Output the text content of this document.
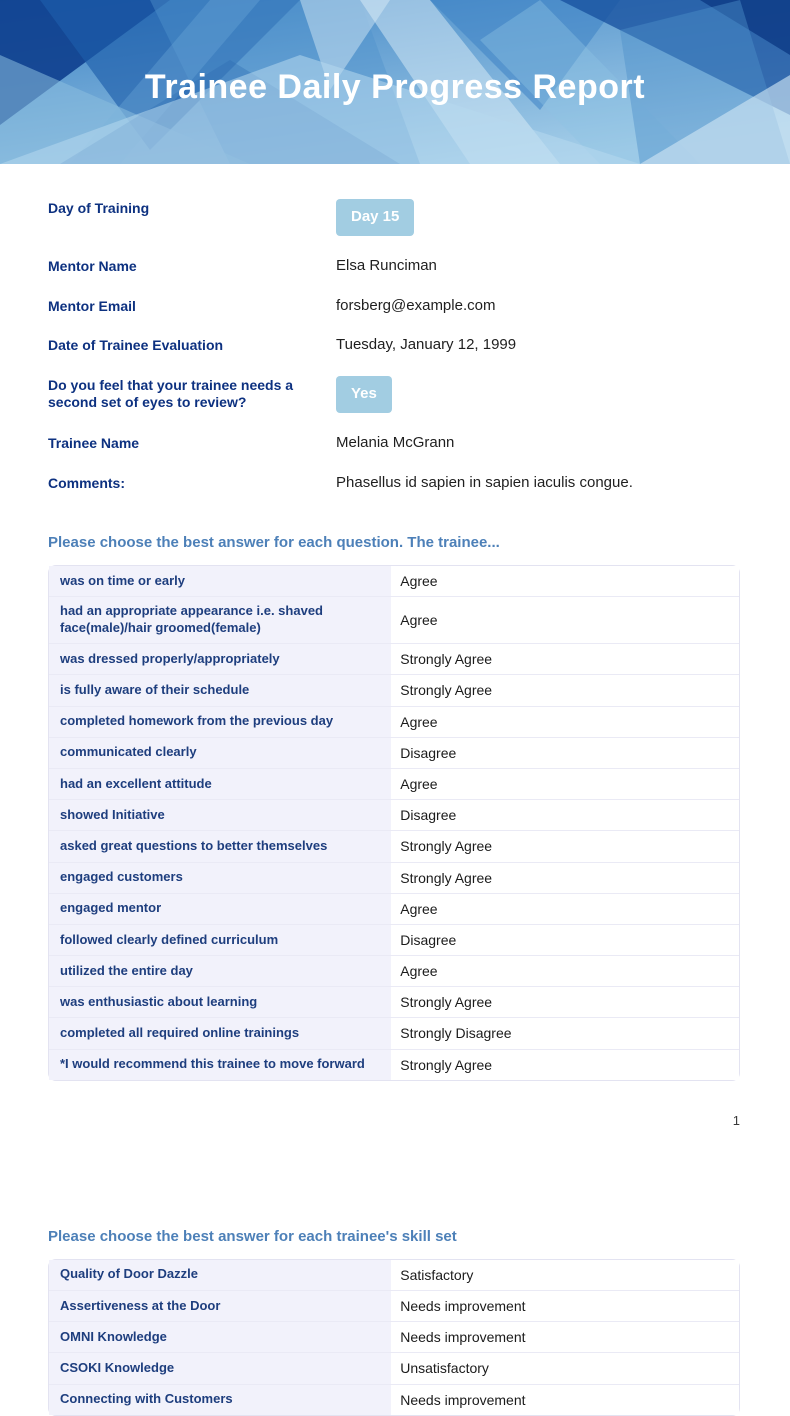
Trainee Daily Progress Report
Day of Training	Day 15
Mentor Name	Elsa Runciman
Mentor Email	forsberg@example.com
Date of Trainee Evaluation	Tuesday, January 12, 1999
Do you feel that your trainee needs a second set of eyes to review?
Yes
Trainee Name	Melania McGrann
Comments:	Phasellus id sapien in sapien iaculis congue.
Please choose the best answer for each question. The trainee...
was on time or early	Agree
had an appropriate appearance i.e. shaved face(male)/hair groomed(female)	Agree
was dressed properly/appropriately	Strongly Agree
is fully aware of their schedule	Strongly Agree
completed homework from the previous day	Agree
communicated clearly	Disagree
had an excellent attitude	Agree
showed Initiative	Disagree
asked great questions to better themselves	Strongly Agree
engaged customers	Strongly Agree
engaged mentor	Agree
followed clearly defined curriculum	Disagree
utilized the entire day	Agree
was enthusiastic about learning	Strongly Agree
completed all required online trainings	Strongly Disagree
*I would recommend this trainee to move forward	Strongly Agree
1
Please choose the best answer for each trainee's skill set
Quality of Door Dazzle	Satisfactory
Assertiveness at the Door	Needs improvement
OMNI Knowledge	Needs improvement
CSOKI Knowledge	Unsatisfactory
Connecting with Customers	Needs improvement
